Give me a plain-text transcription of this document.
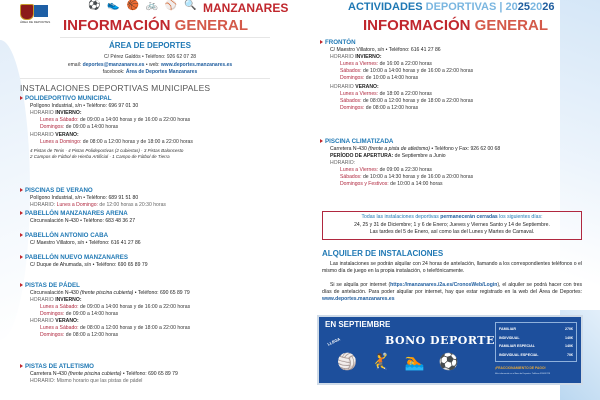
ÁREA DE DEPORTES
⚽ 👟 🏀 🚲 ⚾ 🔍 MANZANARES
INFORMACIÓN GENERAL
ÁREA DE DEPORTES
C/ Pérez Galdós • Teléfono: 926 62 07 28
email: deportes@manzanares.es • web: www.deportes.manzanares.es
facebook: Área de Deportes Manzanares
INSTALACIONES DEPORTIVAS MUNICIPALES
POLIDEPORTIVO MUNICIPAL
Polígono Industrial, s/n • Teléfono: 696 97 01 30
HORARIO INVIERNO:
Lunes a Sábado: de 09:00 a 14:00 horas y de 16:00 a 22:00 horas
Domingos: de 09:00 a 14:00 horas
HORARIO VERANO:
Lunes a Domingo: de 08:00 a 12:00 horas y de 18:00 a 22:00 horas
4 Pistas de Tenis · 4 Pistas Polideportivas (2 cubiertas) · 3 Pistas Baloncesto
2 Campos de Fútbol de Hierba Artificial · 1 Campo de Fútbol de Tierra
PISCINAS DE VERANO
Polígono Industrial, s/n • Teléfono: 689 91 51 80
HORARIO: Lunes a Domingo: de 12:00 horas a 20:30 horas
PABELLÓN MANZANARES ARENA
Circunvalación N-430 • Teléfono: 683 48 36 27
PABELLÓN ANTONIO CABA
C/ Maestro Villatoro, s/n • Teléfono: 616 41 27 86
PABELLÓN NUEVO MANZANARES
C/ Duque de Ahumada, s/n • Teléfono: 690 65 89 79
PISTAS DE PÁDEL
Circunvalación N-430 (frente piscina cubierta) • Teléfono: 690 65 89 79
HORARIO INVIERNO:
Lunes a Sábado: de 09:00 a 14:00 horas y de 16:00 a 22:00 horas
Domingos: de 09:00 a 14:00 horas
HORARIO VERANO:
Lunes a Sábado: de 08:00 a 12:00 horas y de 18:00 a 22:00 horas
Domingos: de 08:00 a 12:00 horas
PISTAS DE ATLETISMO
Carretera N-430 (frente piscina cubierta) • Teléfono: 690 65 89 79
HORARIO: Mismo horario que las pistas de pádel
ACTIVIDADES DEPORTIVAS | 20252026
INFORMACIÓN GENERAL
FRONTÓN
C/ Maestro Villatoro, s/n • Teléfono: 616 41 27 86
HORARIO INVIERNO:
Lunes a Viernes: de 16:00 a 22:00 horas
Sábados: de 10:00 a 14:00 horas y de 16:00 a 22:00 horas
Domingos: de 10:00 a 14:00 horas
HORARIO VERANO:
Lunes a Viernes: de 18:00 a 22:00 horas
Sábados: de 08:00 a 12:00 horas y de 18:00 a 22:00 horas
Domingos: de 08:00 a 12:00 horas
PISCINA CLIMATIZADA
Carretera N-430 (frente a pista de atletismo) • Teléfono y Fax: 926 62 00 68
PERÍODO DE APERTURA: de Septiembre a Junio
HORARIO:
Lunes a Viernes: de 09:00 a 22:30 horas
Sábados: de 10:00 a 14:30 horas y de 16:00 a 20:00 horas
Domingos y Festivos: de 10:00 a 14:00 horas
Todas las instalaciones deportivas permanecerán cerradas los siguientes días:
24, 25 y 31 de Diciembre; 1 y 6 de Enero; Jueves y Viernes Santo y 14 de Septiembre.
Las tardes del 5 de Enero, así como las del Lunes y Martes de Carnaval.
ALQUILER DE INSTALACIONES
Las instalaciones se podrán alquilar con 24 horas de antelación, llamando a los correspondientes teléfonos o el mismo día de juego en la propia instalación, o telefónicamente.
Si se alquila por internet (https://manzanares.i2a.es/CronosWeb/Login), el alquiler se podrá hacer con tres días de antelación. Para poder alquilar por internet, hay que estar registrado en la web del Área de Deportes: www.deportes.manzanares.es
EN SEPTIEMBRE
LLEGA	BONO DEPORTE
🏐🤾🏊⚽
FAMILIAR	270€
INDIVIDUAL	140€
FAMILIAR ESPECIAL	140€
INDIVIDUAL ESPECIAL	70€
¡FRACCIONAMIENTO DE PAGO!
Más información en el Área de Deportes. Teléfono 926620728
